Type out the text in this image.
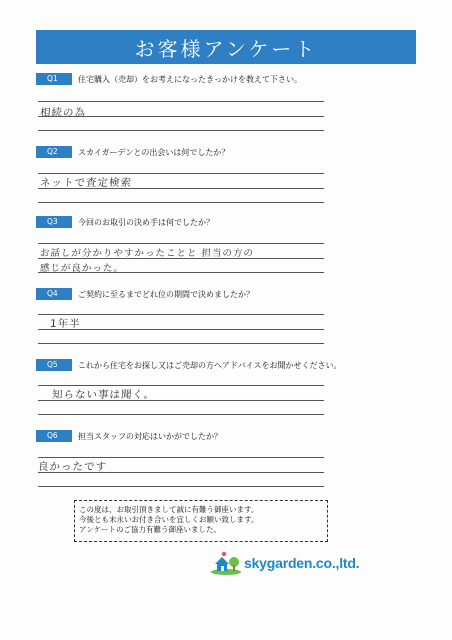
お客様アンケート
Q1	住宅購入（売却）をお考えになったきっかけを教えて下さい。
相続の為
Q2	スカイガーデンとの出会いは何でしたか？
ネットで査定検索
Q3	今回のお取引の決め手は何でしたか？
お話しが分かりやすかったことと 担当の方の
感じが良かった。
Q4	ご契約に至るまでどれ位の期間で決めましたか？
1年半
Q5	これから住宅をお探し又はご売却の方へアドバイスをお聞かせください。
知らない事は聞く。
Q6	担当スタッフの対応はいかがでしたか？
良かったです
この度は、お取引頂きまして誠に有難う御座います。
今後とも末永いお付き合いを宜しくお願い致します。
アンケートのご協力有難う御座いました。
skygarden.co.,ltd.
